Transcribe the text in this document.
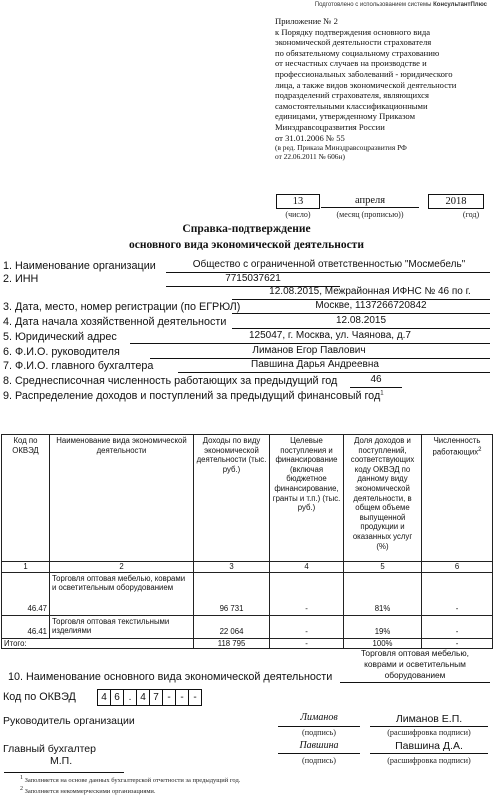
Подготовлено с использованием системы КонсультантПлюс
Приложение № 2
к Порядку подтверждения основного вида
экономической деятельности страхователя
по обязательному социальному страхованию
от несчастных случаев на производстве и
профессиональных заболеваний - юридического
лица, а также видов экономической деятельности
подразделений страхователя, являющихся
самостоятельными классификационными
единицами, утвержденному Приказом
Минздравсоцразвития России
от 31.01.2006 № 55
(в ред. Приказа Минздравсоцразвития РФ
от 22.06.2011 № 606н)
13	апреля	2018
(число)	(месяц (прописью))	(год)
Справка-подтверждение
основного вида экономической деятельности
1. Наименование организации	Общество с ограниченной ответственностью "Мосмебель"
2. ИНН	7715037621
12.08.2015, Межрайонная ИФНС № 46 по г.
3. Дата, место, номер регистрации (по ЕГРЮЛ)	Москве, 1137266720842
4. Дата начала хозяйственной деятельности	12.08.2015
5. Юридический адрес	125047, г. Москва, ул. Чаянова, д.7
6. Ф.И.О. руководителя	Лиманов Егор Павлович
7. Ф.И.О. главного бухгалтера	Павшина Дарья Андреевна
8. Среднесписочная численность работающих за предыдущий год	46
9. Распределение доходов и поступлений за предыдущий финансовый год$^1$
Код по ОКВЭД	Наименование вида экономической деятельности	Доходы по виду экономической деятельности (тыс. руб.)	Целевые поступления и финансирование (включая бюджетное финансирование, гранты и т.п.) (тыс. руб.)	Доля доходов и поступлений, соответствующих коду ОКВЭД по данному виду экономической деятельности, в общем объеме выпущенной продукции и оказанных услуг (%)	Численность работающих$^2$
1	2	3	4	5	6
46.47	Торговля оптовая мебелью, коврами и осветительным оборудованием	96 731	-	81%	-
46.41	Торговля оптовая текстильными изделиями	22 064	-	19%	-
Итого:		118 795	-	100%	-
Торговля оптовая мебелью,
коврами и осветительным
10. Наименование основного вида экономической деятельности	оборудованием
Код по ОКВЭД	4 6 . 4 7 - - -
Руководитель организации	Лиманов	Лиманов Е.П.
(подпись)	(расшифровка подписи)
Главный бухгалтер	Павшина	Павшина Д.А.
М.П.	(подпись)	(расшифровка подписи)
1 Заполняется на основе данных бухгалтерской отчетности за предыдущий год.
2 Заполняется некоммерческими организациями.
